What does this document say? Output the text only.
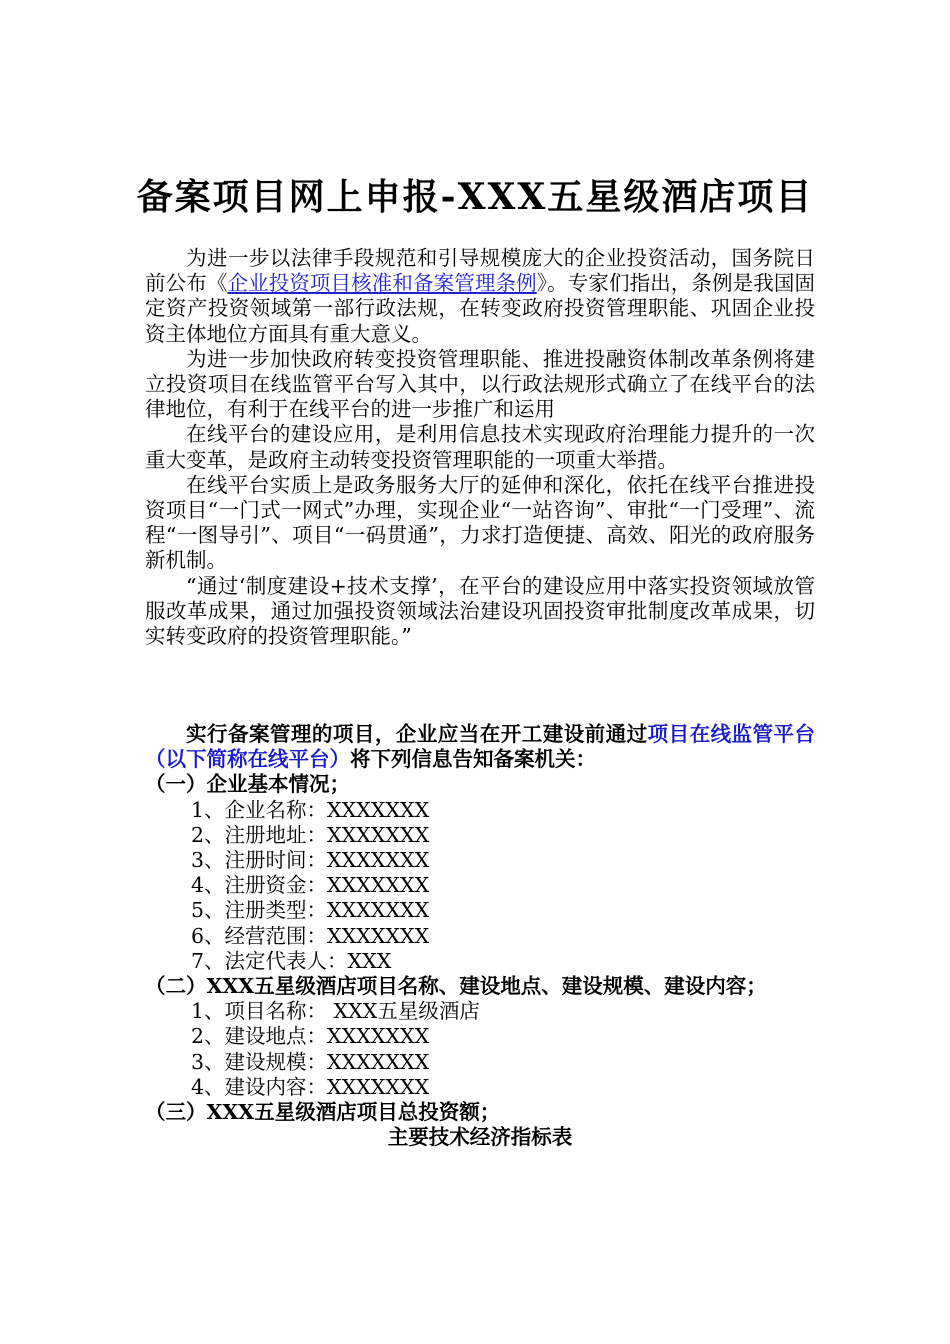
备案项目网上申报-XXX五星级酒店项目

为进一步以法律手段规范和引导规模庞大的企业投资活动，国务院日前公布《企业投资项目核准和备案管理条例》。专家们指出，条例是我国固定资产投资领域第一部行政法规，在转变政府投资管理职能、巩固企业投资主体地位方面具有重大意义。

为进一步加快政府转变投资管理职能、推进投融资体制改革条例将建立投资项目在线监管平台写入其中，以行政法规形式确立了在线平台的法律地位，有利于在线平台的进一步推广和运用

在线平台的建设应用，是利用信息技术实现政府治理能力提升的一次重大变革，是政府主动转变投资管理职能的一项重大举措。

在线平台实质上是政务服务大厅的延伸和深化，依托在线平台推进投资项目“一门式一网式”办理，实现企业“一站咨询”、审批“一门受理”、流程“一图导引”、项目“一码贯通”，力求打造便捷、高效、阳光的政府服务新机制。

“通过‘制度建设+技术支撑’，在平台的建设应用中落实投资领域放管服改革成果，通过加强投资领域法治建设巩固投资审批制度改革成果，切实转变政府的投资管理职能。”

实行备案管理的项目，企业应当在开工建设前通过项目在线监管平台（以下简称在线平台）将下列信息告知备案机关：

（一）企业基本情况；
1、企业名称：XXXXXXX
2、注册地址：XXXXXXX
3、注册时间：XXXXXXX
4、注册资金：XXXXXXX
5、注册类型：XXXXXXX
6、经营范围：XXXXXXX
7、法定代表人：XXX
（二）XXX五星级酒店项目名称、建设地点、建设规模、建设内容；
1、项目名称： XXX五星级酒店
2、建设地点：XXXXXXX
3、建设规模：XXXXXXX
4、建设内容：XXXXXXX
（三）XXX五星级酒店项目总投资额；
主要技术经济指标表
